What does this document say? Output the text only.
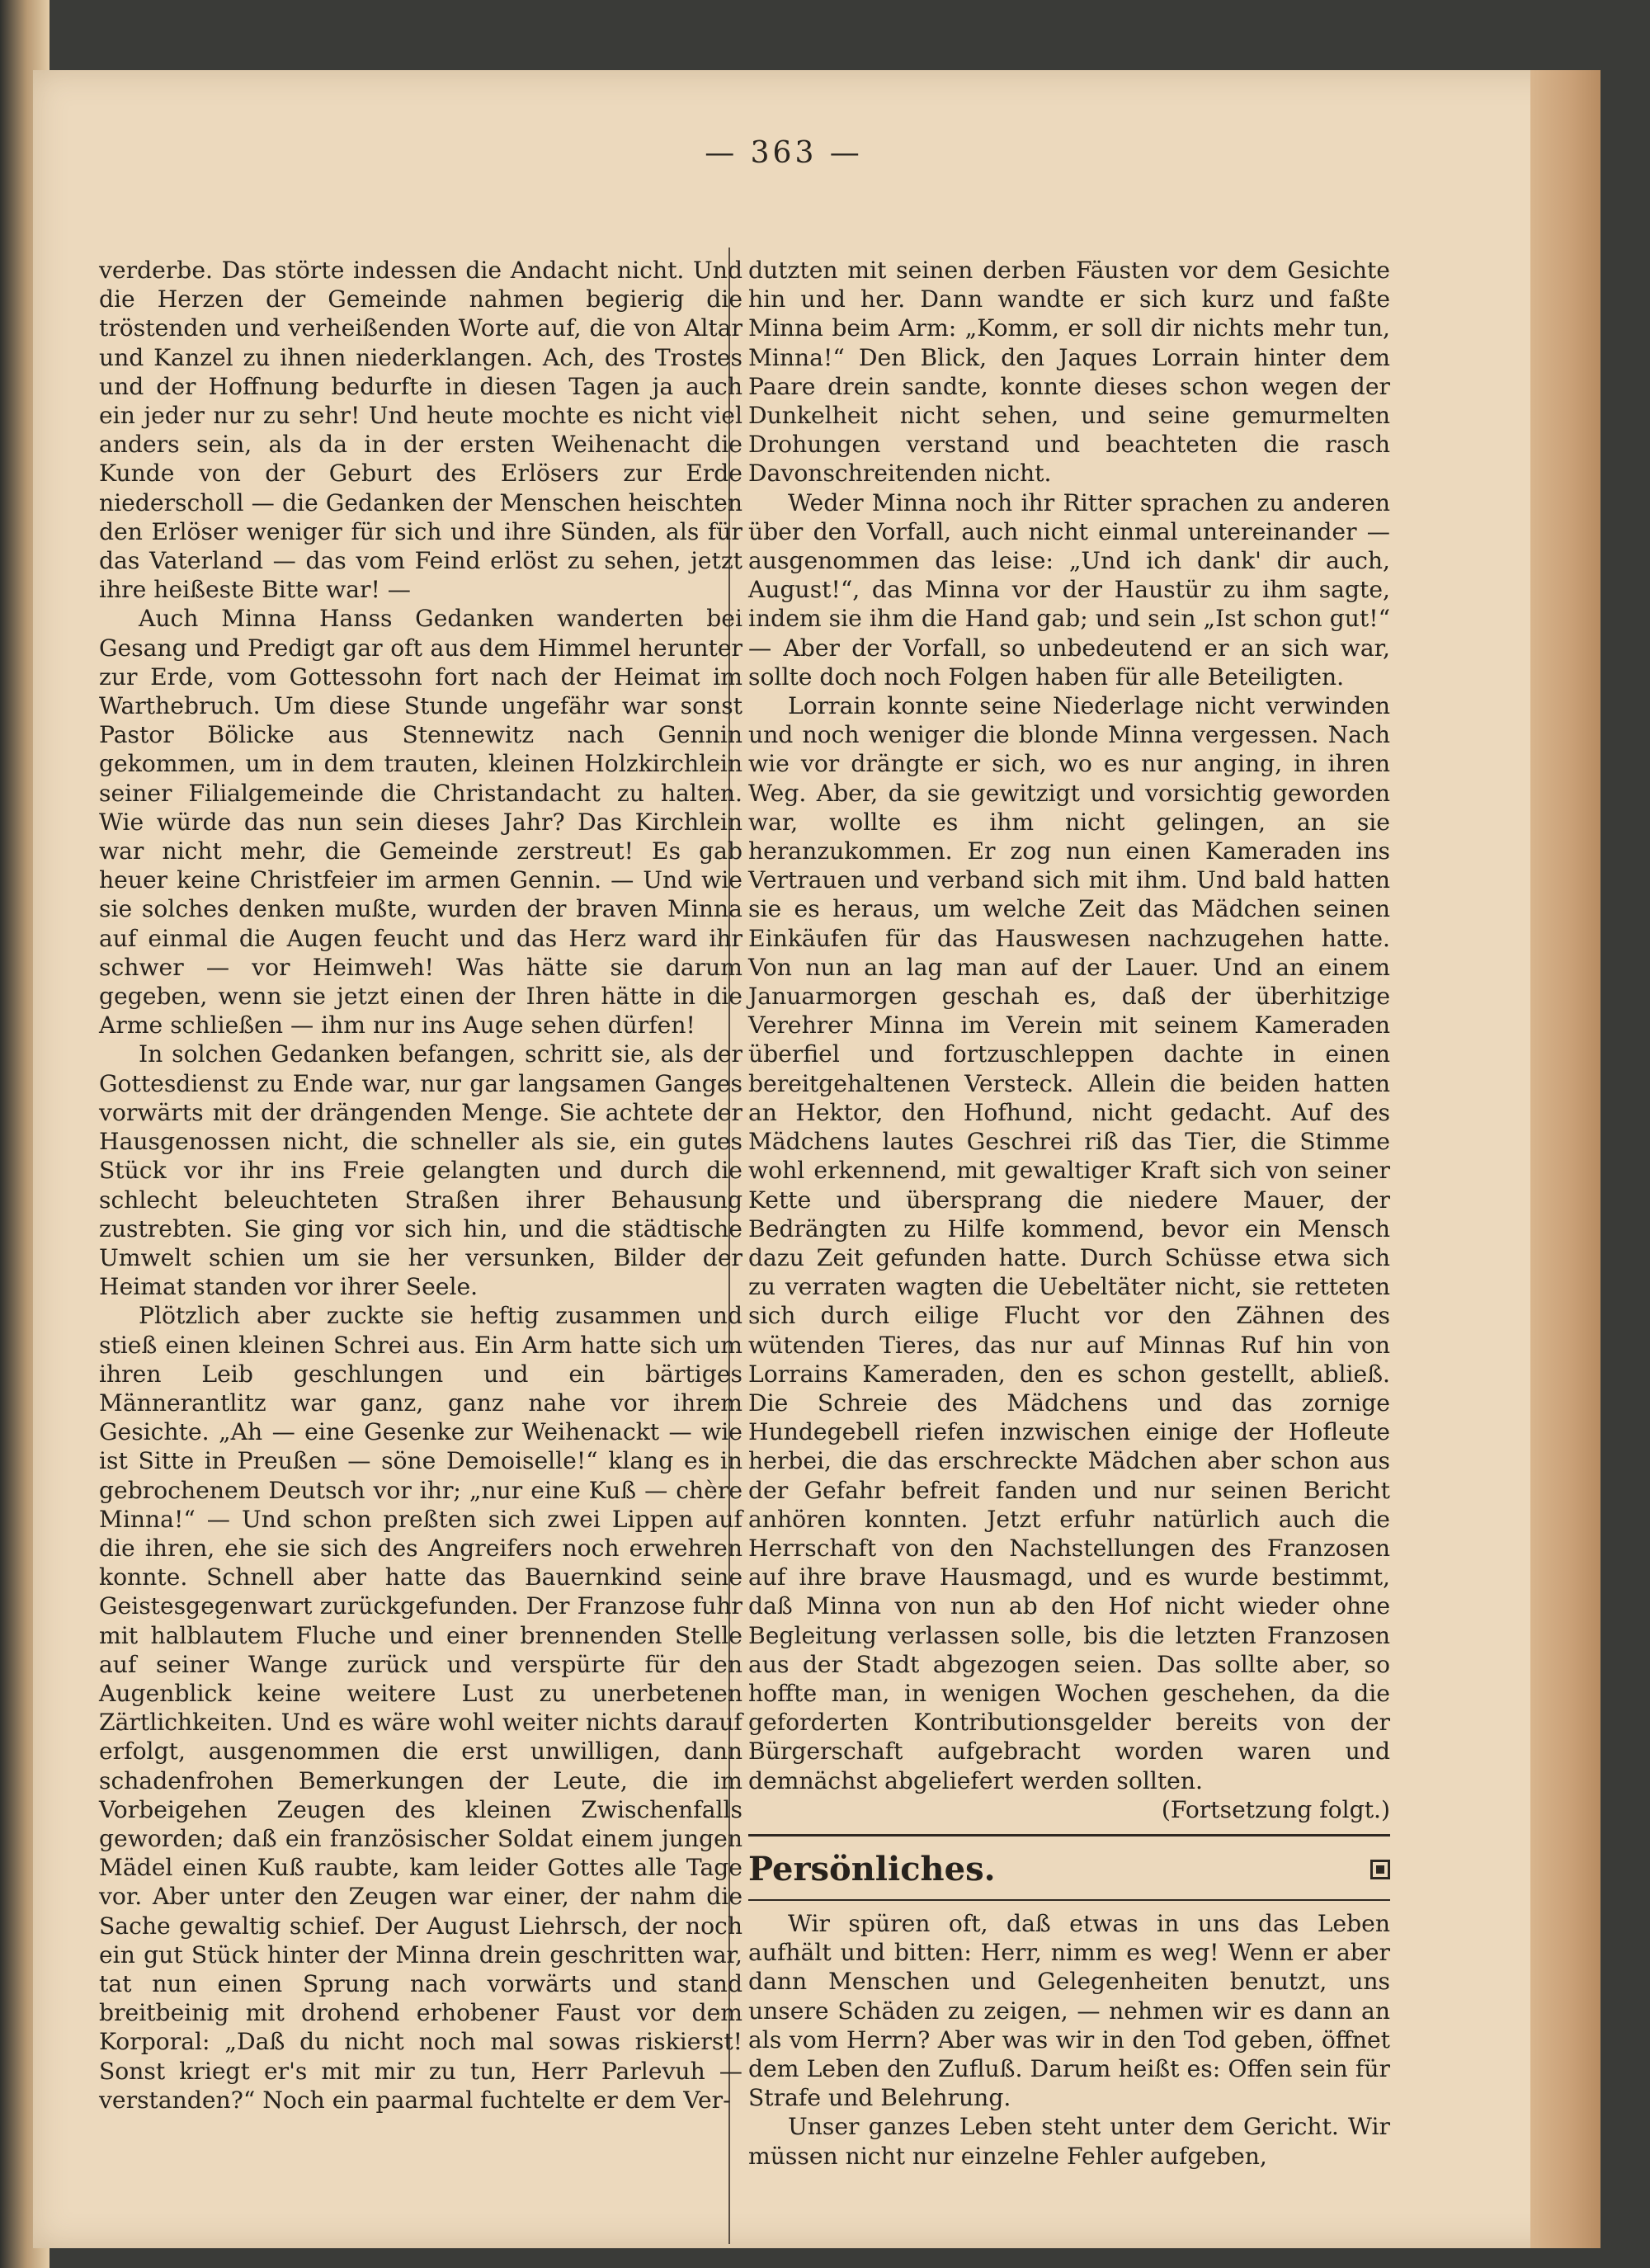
— 363 —

verderbe. Das störte indessen die Andacht nicht. Und die Herzen der Gemeinde nahmen begierig die tröstenden und verheißenden Worte auf, die von Altar und Kanzel zu ihnen niederklangen. Ach, des Trostes und der Hoffnung bedurfte in diesen Tagen ja auch ein jeder nur zu sehr! Und heute mochte es nicht viel anders sein, als da in der ersten Weihenacht die Kunde von der Geburt des Erlösers zur Erde niederscholl — die Gedanken der Menschen heischten den Erlöser weniger für sich und ihre Sünden, als für das Vaterland — das vom Feind erlöst zu sehen, jetzt ihre heißeste Bitte war! —

Auch Minna Hanss Gedanken wanderten bei Gesang und Predigt gar oft aus dem Himmel herunter zur Erde, vom Gottessohn fort nach der Heimat im Warthebruch. Um diese Stunde ungefähr war sonst Pastor Bölicke aus Stennewitz nach Gennin gekommen, um in dem trauten, kleinen Holzkirchlein seiner Filialgemeinde die Christandacht zu halten. Wie würde das nun sein dieses Jahr? Das Kirchlein war nicht mehr, die Gemeinde zerstreut! Es gab heuer keine Christfeier im armen Gennin. — Und wie sie solches denken mußte, wurden der braven Minna auf einmal die Augen feucht und das Herz ward ihr schwer — vor Heimweh! Was hätte sie darum gegeben, wenn sie jetzt einen der Ihren hätte in die Arme schließen — ihm nur ins Auge sehen dürfen!

In solchen Gedanken befangen, schritt sie, als der Gottesdienst zu Ende war, nur gar langsamen Ganges vorwärts mit der drängenden Menge. Sie achtete der Hausgenossen nicht, die schneller als sie, ein gutes Stück vor ihr ins Freie gelangten und durch die schlecht beleuchteten Straßen ihrer Behausung zustrebten. Sie ging vor sich hin, und die städtische Umwelt schien um sie her versunken, Bilder der Heimat standen vor ihrer Seele.

Plötzlich aber zuckte sie heftig zusammen und stieß einen kleinen Schrei aus. Ein Arm hatte sich um ihren Leib geschlungen und ein bärtiges Männerantlitz war ganz, ganz nahe vor ihrem Gesichte. „Ah — eine Gesenke zur Weihenackt — wie ist Sitte in Preußen — söne Demoiselle!“ klang es in gebrochenem Deutsch vor ihr; „nur eine Kuß — chère Minna!“ — Und schon preßten sich zwei Lippen auf die ihren, ehe sie sich des Angreifers noch erwehren konnte. Schnell aber hatte das Bauernkind seine Geistesgegenwart zurückgefunden. Der Franzose fuhr mit halblautem Fluche und einer brennenden Stelle auf seiner Wange zurück und verspürte für den Augenblick keine weitere Lust zu unerbetenen Zärtlichkeiten. Und es wäre wohl weiter nichts darauf erfolgt, ausgenommen die erst unwilligen, dann schadenfrohen Bemerkungen der Leute, die im Vorbeigehen Zeugen des kleinen Zwischenfalls geworden; daß ein französischer Soldat einem jungen Mädel einen Kuß raubte, kam leider Gottes alle Tage vor. Aber unter den Zeugen war einer, der nahm die Sache gewaltig schief. Der August Liehrsch, der noch ein gut Stück hinter der Minna drein geschritten war, tat nun einen Sprung nach vorwärts und stand breitbeinig mit drohend erhobener Faust vor dem Korporal: „Daß du nicht noch mal sowas riskierst! Sonst kriegt er's mit mir zu tun, Herr Parlevuh — verstanden?“ Noch ein paarmal fuchtelte er dem Ver-

dutzten mit seinen derben Fäusten vor dem Gesichte hin und her. Dann wandte er sich kurz und faßte Minna beim Arm: „Komm, er soll dir nichts mehr tun, Minna!“ Den Blick, den Jaques Lorrain hinter dem Paare drein sandte, konnte dieses schon wegen der Dunkelheit nicht sehen, und seine gemurmelten Drohungen verstand und beachteten die rasch Davonschreitenden nicht.

Weder Minna noch ihr Ritter sprachen zu anderen über den Vorfall, auch nicht einmal untereinander — ausgenommen das leise: „Und ich dank' dir auch, August!“, das Minna vor der Haustür zu ihm sagte, indem sie ihm die Hand gab; und sein „Ist schon gut!“ — Aber der Vorfall, so unbedeutend er an sich war, sollte doch noch Folgen haben für alle Beteiligten.

Lorrain konnte seine Niederlage nicht verwinden und noch weniger die blonde Minna vergessen. Nach wie vor drängte er sich, wo es nur anging, in ihren Weg. Aber, da sie gewitzigt und vorsichtig geworden war, wollte es ihm nicht gelingen, an sie heranzukommen. Er zog nun einen Kameraden ins Vertrauen und verband sich mit ihm. Und bald hatten sie es heraus, um welche Zeit das Mädchen seinen Einkäufen für das Hauswesen nachzugehen hatte. Von nun an lag man auf der Lauer. Und an einem Januarmorgen geschah es, daß der überhitzige Verehrer Minna im Verein mit seinem Kameraden überfiel und fortzuschleppen dachte in einen bereitgehaltenen Versteck. Allein die beiden hatten an Hektor, den Hofhund, nicht gedacht. Auf des Mädchens lautes Geschrei riß das Tier, die Stimme wohl erkennend, mit gewaltiger Kraft sich von seiner Kette und übersprang die niedere Mauer, der Bedrängten zu Hilfe kommend, bevor ein Mensch dazu Zeit gefunden hatte. Durch Schüsse etwa sich zu verraten wagten die Uebeltäter nicht, sie retteten sich durch eilige Flucht vor den Zähnen des wütenden Tieres, das nur auf Minnas Ruf hin von Lorrains Kameraden, den es schon gestellt, abließ. Die Schreie des Mädchens und das zornige Hundegebell riefen inzwischen einige der Hofleute herbei, die das erschreckte Mädchen aber schon aus der Gefahr befreit fanden und nur seinen Bericht anhören konnten. Jetzt erfuhr natürlich auch die Herrschaft von den Nachstellungen des Franzosen auf ihre brave Hausmagd, und es wurde bestimmt, daß Minna von nun ab den Hof nicht wieder ohne Begleitung verlassen solle, bis die letzten Franzosen aus der Stadt abgezogen seien. Das sollte aber, so hoffte man, in wenigen Wochen geschehen, da die geforderten Kontributionsgelder bereits von der Bürgerschaft aufgebracht worden waren und demnächst abgeliefert werden sollten.

(Fortsetzung folgt.)

Persönliches.

Wir spüren oft, daß etwas in uns das Leben aufhält und bitten: Herr, nimm es weg! Wenn er aber dann Menschen und Gelegenheiten benutzt, uns unsere Schäden zu zeigen, — nehmen wir es dann an als vom Herrn? Aber was wir in den Tod geben, öffnet dem Leben den Zufluß. Darum heißt es: Offen sein für Strafe und Belehrung.

Unser ganzes Leben steht unter dem Gericht. Wir müssen nicht nur einzelne Fehler aufgeben,
